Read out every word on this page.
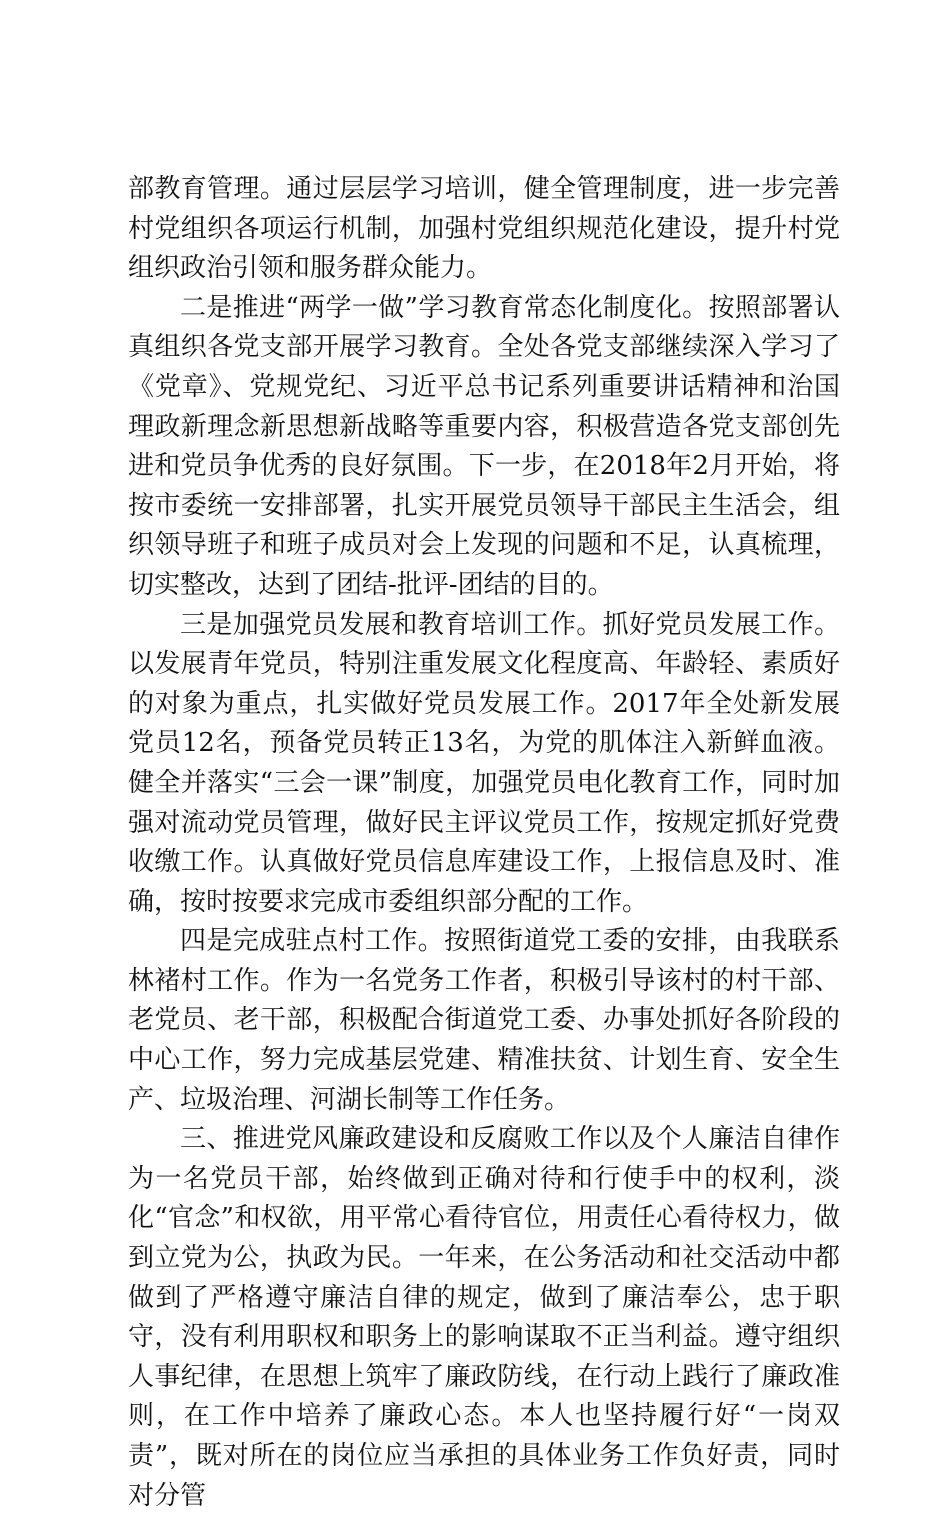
部教育管理。通过层层学习培训，健全管理制度，进一步完善村党组织各项运行机制，加强村党组织规范化建设，提升村党组织政治引领和服务群众能力。

二是推进“两学一做”学习教育常态化制度化。按照部署认真组织各党支部开展学习教育。全处各党支部继续深入学习了《党章》、党规党纪、习近平总书记系列重要讲话精神和治国理政新理念新思想新战略等重要内容，积极营造各党支部创先进和党员争优秀的良好氛围。下一步，在2018年2月开始，将按市委统一安排部署，扎实开展党员领导干部民主生活会，组织领导班子和班子成员对会上发现的问题和不足，认真梳理，切实整改，达到了团结-批评-团结的目的。

三是加强党员发展和教育培训工作。抓好党员发展工作。以发展青年党员，特别注重发展文化程度高、年龄轻、素质好的对象为重点，扎实做好党员发展工作。2017年全处新发展党员12名，预备党员转正13名，为党的肌体注入新鲜血液。健全并落实“三会一课”制度，加强党员电化教育工作，同时加强对流动党员管理，做好民主评议党员工作，按规定抓好党费收缴工作。认真做好党员信息库建设工作，上报信息及时、准确，按时按要求完成市委组织部分配的工作。

四是完成驻点村工作。按照街道党工委的安排，由我联系林褚村工作。作为一名党务工作者，积极引导该村的村干部、老党员、老干部，积极配合街道党工委、办事处抓好各阶段的中心工作，努力完成基层党建、精准扶贫、计划生育、安全生产、垃圾治理、河湖长制等工作任务。

三、推进党风廉政建设和反腐败工作以及个人廉洁自律作为一名党员干部，始终做到正确对待和行使手中的权利，淡化“官念”和权欲，用平常心看待官位，用责任心看待权力，做到立党为公，执政为民。一年来，在公务活动和社交活动中都做到了严格遵守廉洁自律的规定，做到了廉洁奉公，忠于职守，没有利用职权和职务上的影响谋取不正当利益。遵守组织人事纪律，在思想上筑牢了廉政防线，在行动上践行了廉政准则，在工作中培养了廉政心态。本人也坚持履行好“一岗双责”，既对所在的岗位应当承担的具体业务工作负好责，同时对分管
